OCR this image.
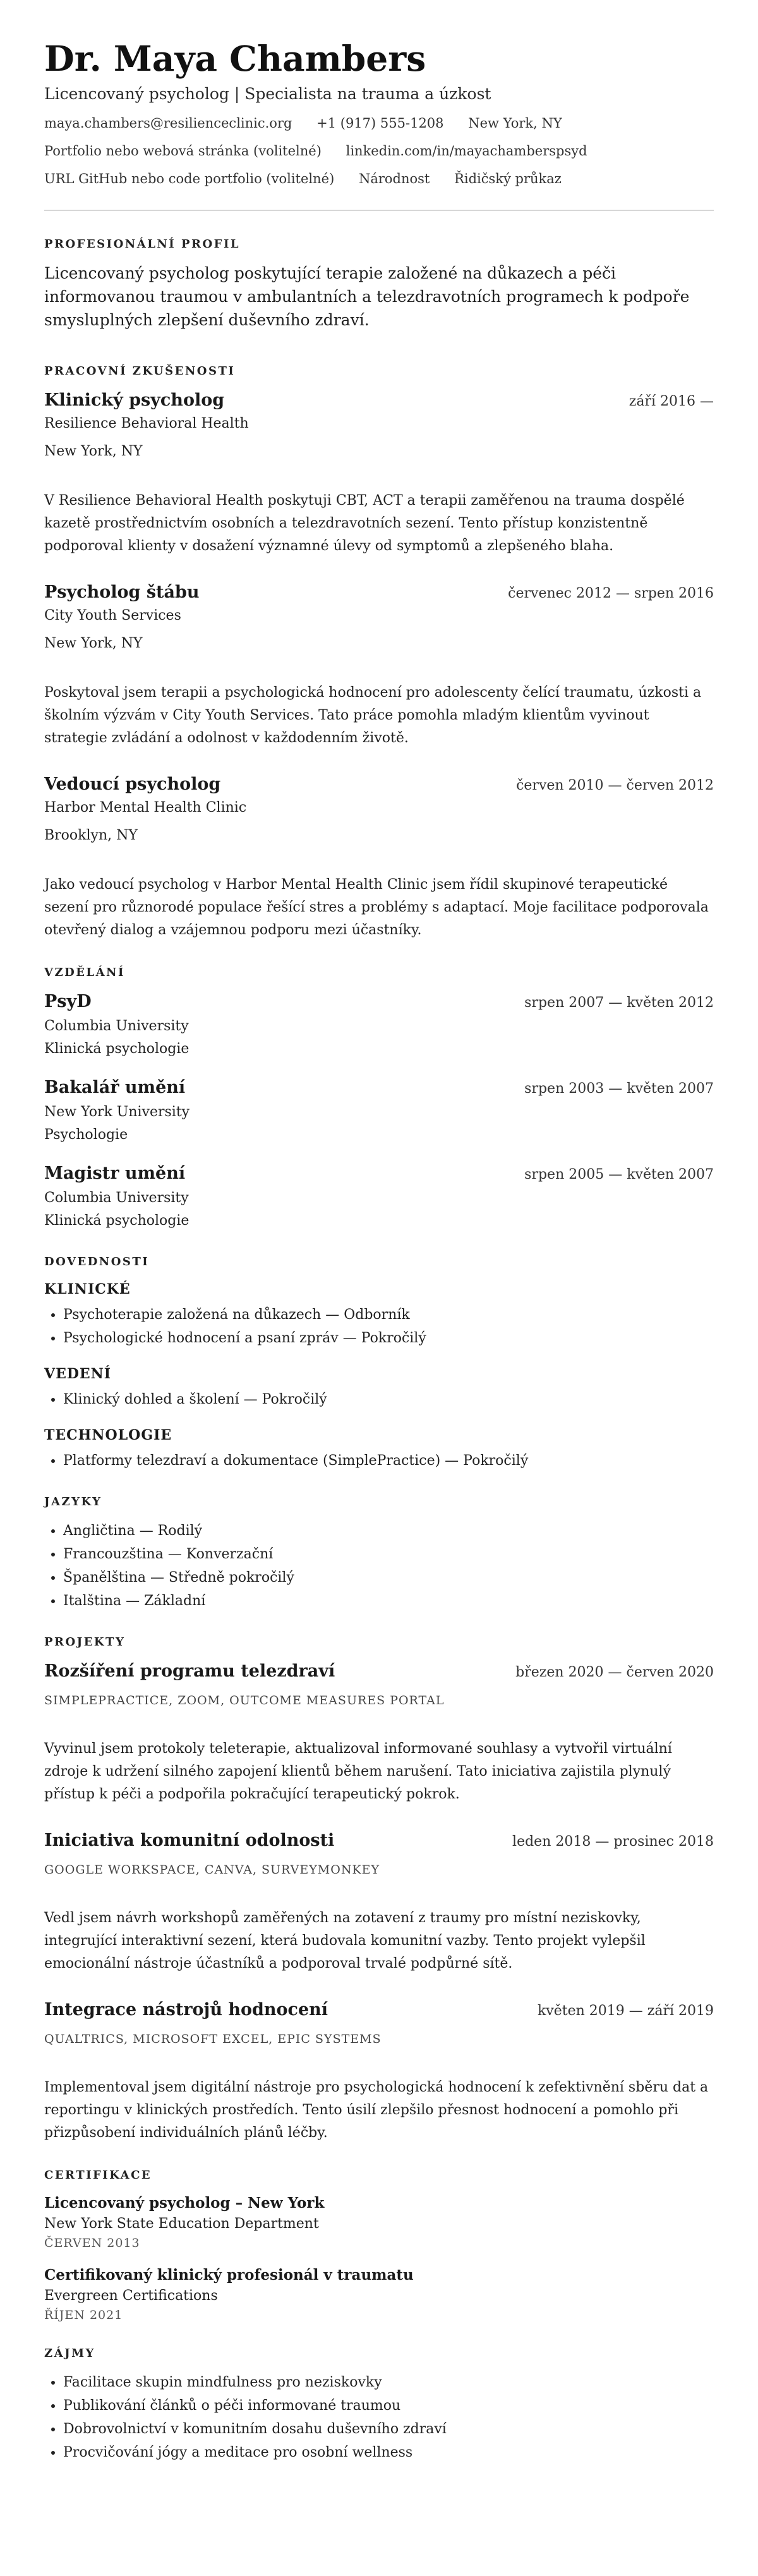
Dr. Maya Chambers
Licencovaný psycholog | Specialista na trauma a úzkost
maya.chambers@resilienceclinic.org +1 (917) 555-1208 New York, NY
Portfolio nebo webová stránka (volitelné) linkedin.com/in/mayachamberspsyd
URL GitHub nebo code portfolio (volitelné) Národnost Řidičský průkaz
PROFESIONÁLNÍ PROFIL

Licencovaný psycholog poskytující terapie založené na důkazech a péči informovanou traumou v ambulantních a telezdravotních programech k podpoře smysluplných zlepšení duševního zdraví.

PRACOVNÍ ZKUŠENOSTI
Klinický psycholog	září 2016 —
Resilience Behavioral Health
New York, NY
V Resilience Behavioral Health poskytuji CBT, ACT a terapii zaměřenou na trauma dospělé kazetě prostřednictvím osobních a telezdravotních sezení. Tento přístup konzistentně podporoval klienty v dosažení významné úlevy od symptomů a zlepšeného blaha.
Psycholog štábu	červenec 2012 — srpen 2016
City Youth Services
New York, NY
Poskytoval jsem terapii a psychologická hodnocení pro adolescenty čelící traumatu, úzkosti a školním výzvám v City Youth Services. Tato práce pomohla mladým klientům vyvinout strategie zvládání a odolnost v každodenním životě.
Vedoucí psycholog	červen 2010 — červen 2012
Harbor Mental Health Clinic
Brooklyn, NY
Jako vedoucí psycholog v Harbor Mental Health Clinic jsem řídil skupinové terapeutické sezení pro různorodé populace řešící stres a problémy s adaptací. Moje facilitace podporovala otevřený dialog a vzájemnou podporu mezi účastníky.
VZDĚLÁNÍ
PsyD	srpen 2007 — květen 2012
Columbia University
Klinická psychologie
Bakalář umění	srpen 2003 — květen 2007
New York University
Psychologie
Magistr umění	srpen 2005 — květen 2007
Columbia University
Klinická psychologie
DOVEDNOSTI
KLINICKÉ
• Psychoterapie založená na důkazech — Odborník
• Psychologické hodnocení a psaní zpráv — Pokročilý
VEDENÍ
• Klinický dohled a školení — Pokročilý
TECHNOLOGIE
• Platformy telezdraví a dokumentace (SimplePractice) — Pokročilý
JAZYKY
• Angličtina — Rodilý
• Francouzština — Konverzační
• Španělština — Středně pokročilý
• Italština — Základní
PROJEKTY
Rozšíření programu telezdraví	březen 2020 — červen 2020
SIMPLEPRACTICE, ZOOM, OUTCOME MEASURES PORTAL
Vyvinul jsem protokoly teleterapie, aktualizoval informované souhlasy a vytvořil virtuální zdroje k udržení silného zapojení klientů během narušení. Tato iniciativa zajistila plynulý přístup k péči a podpořila pokračující terapeutický pokrok.
Iniciativa komunitní odolnosti	leden 2018 — prosinec 2018
GOOGLE WORKSPACE, CANVA, SURVEYMONKEY
Vedl jsem návrh workshopů zaměřených na zotavení z traumy pro místní neziskovky, integrující interaktivní sezení, která budovala komunitní vazby. Tento projekt vylepšil emocionální nástroje účastníků a podporoval trvalé podpůrné sítě.
Integrace nástrojů hodnocení	květen 2019 — září 2019
QUALTRICS, MICROSOFT EXCEL, EPIC SYSTEMS
Implementoval jsem digitální nástroje pro psychologická hodnocení k zefektivnění sběru dat a reportingu v klinických prostředích. Tento úsilí zlepšilo přesnost hodnocení a pomohlo při přizpůsobení individuálních plánů léčby.
CERTIFIKACE
Licencovaný psycholog – New York
New York State Education Department
ČERVEN 2013
Certifikovaný klinický profesionál v traumatu
Evergreen Certifications
ŘÍJEN 2021
ZÁJMY
• Facilitace skupin mindfulness pro neziskovky
• Publikování článků o péči informované traumou
• Dobrovolnictví v komunitním dosahu duševního zdraví
• Procvičování jógy a meditace pro osobní wellness
